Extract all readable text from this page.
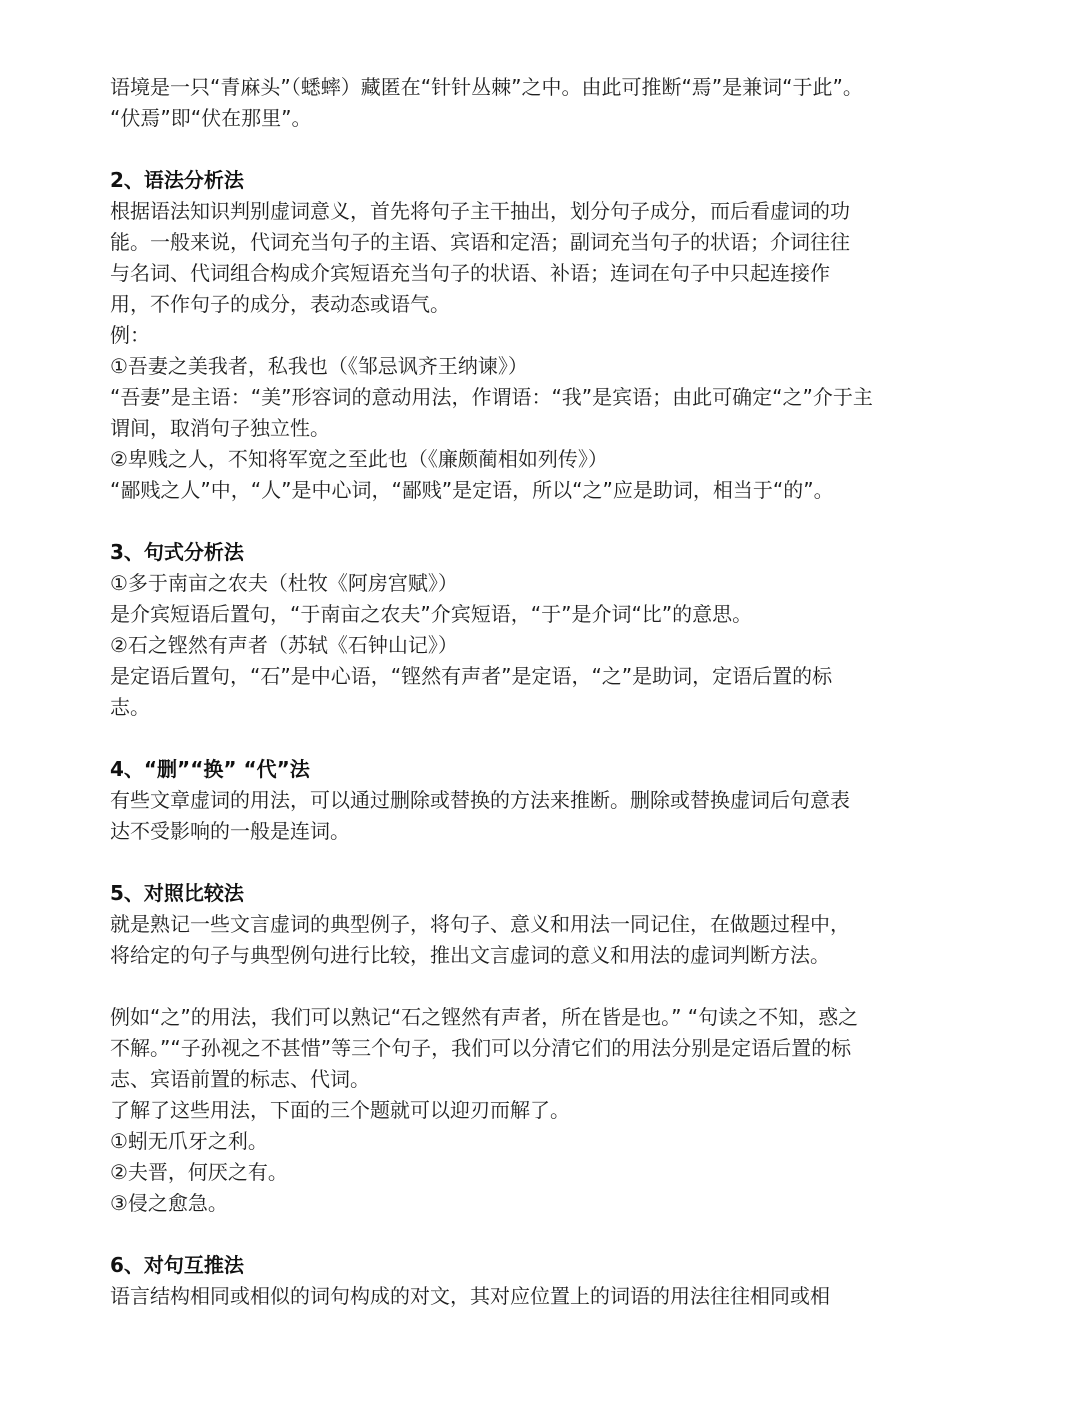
语境是一只“青麻头”（蟋蟀）藏匿在“针针丛棘”之中。由此可推断“焉”是兼词“于此”。
“伏焉”即“伏在那里”。
2、语法分析法
根据语法知识判别虚词意义，首先将句子主干抽出，划分句子成分，而后看虚词的功
能。一般来说，代词充当句子的主语、宾语和定浯；副词充当句子的状语；介词往往
与名词、代词组合构成介宾短语充当句子的状语、补语；连词在句子中只起连接作
用，不作句子的成分，表动态或语气。
例：
①吾妻之美我者，私我也（《邹忌讽齐王纳谏》）
“吾妻”是主语：“美”形容词的意动用法，作谓语：“我”是宾语；由此可确定“之”介于主
谓间，取消句子独立性。
②卑贱之人，不知将军宽之至此也（《廉颇蔺相如列传》）
“鄙贱之人”中，“人”是中心词，“鄙贱”是定语，所以“之”应是助词，相当于“的”。
3、句式分析法
①多于南亩之农夫（杜牧《阿房宫赋》）
是介宾短语后置句，“于南亩之农夫”介宾短语，“于”是介词“比”的意思。
②石之铿然有声者（苏轼《石钟山记》）
是定语后置句，“石”是中心语，“铿然有声者”是定语，“之”是助词，定语后置的标
志。
4、“删”“换” “代”法
有些文章虚词的用法，可以通过删除或替换的方法来推断。删除或替换虚词后句意表
达不受影响的一般是连词。
5、对照比较法
就是熟记一些文言虚词的典型例子，将句子、意义和用法一同记住，在做题过程中，
将给定的句子与典型例句进行比较，推出文言虚词的意义和用法的虚词判断方法。
例如“之”的用法，我们可以熟记“石之铿然有声者，所在皆是也。” “句读之不知，惑之
不解。”“子孙视之不甚惜”等三个句子，我们可以分清它们的用法分别是定语后置的标
志、宾语前置的标志、代词。
了解了这些用法，下面的三个题就可以迎刃而解了。
①蚓无爪牙之利。
②夫晋，何厌之有。
③侵之愈急。
6、对句互推法
语言结构相同或相似的词句构成的对文，其对应位置上的词语的用法往往相同或相
